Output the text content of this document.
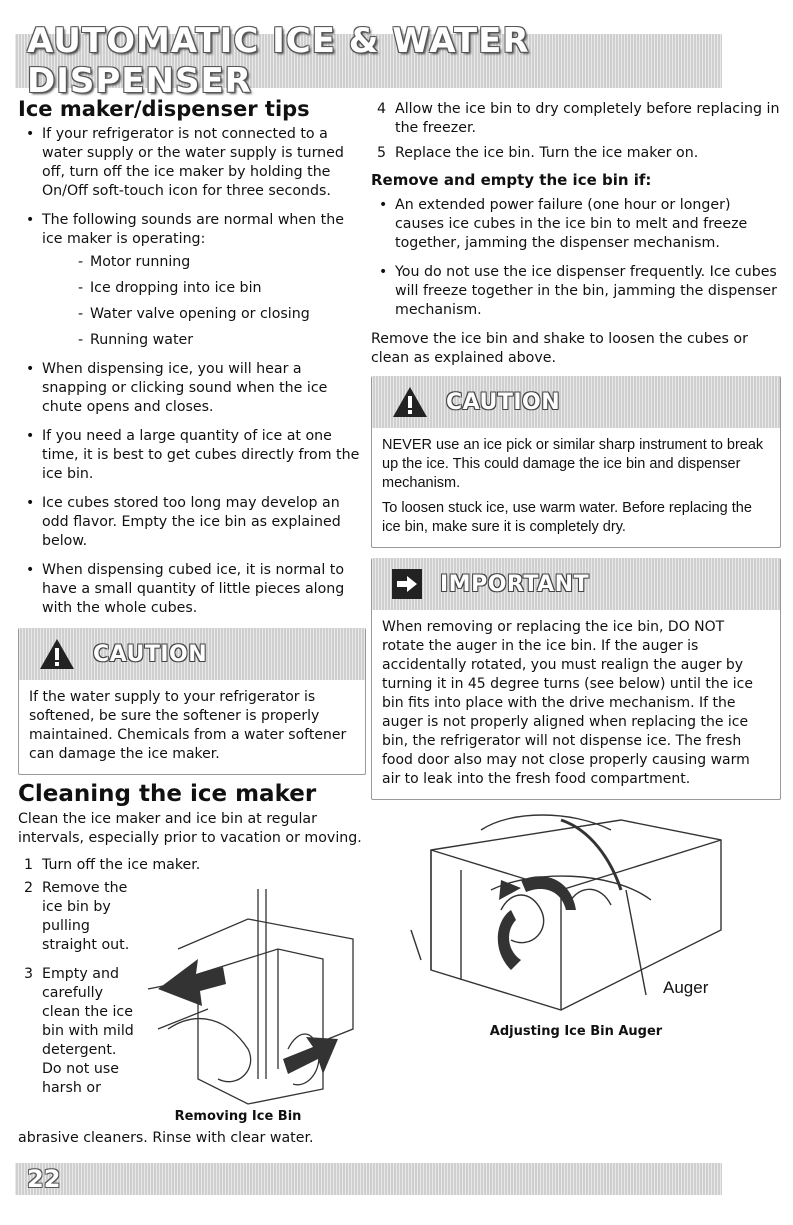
AUTOMATIC ICE & WATER DISPENSER
Ice maker/dispenser tips
• If your refrigerator is not connected to a water supply or the water supply is turned off, turn off the ice maker by holding the On/Off soft-touch icon for three seconds.
• The following sounds are normal when the ice maker is operating:
- Motor running
- Ice dropping into ice bin
- Water valve opening or closing
- Running water
• When dispensing ice, you will hear a snapping or clicking sound when the ice chute opens and closes.
• If you need a large quantity of ice at one time, it is best to get cubes directly from the ice bin.
• Ice cubes stored too long may develop an odd flavor. Empty the ice bin as explained below.
• When dispensing cubed ice, it is normal to have a small quantity of little pieces along with the whole cubes.
CAUTION

If the water supply to your refrigerator is softened, be sure the softener is properly maintained. Chemicals from a water softener can damage the ice maker.

Cleaning the ice maker

Clean the ice maker and ice bin at regular intervals, especially prior to vacation or moving.

1 Turn off the ice maker.
2 Remove the ice bin by pulling straight out.
3 Empty and carefully clean the ice bin with mild detergent. Do not use harsh or
Removing Ice Bin

abrasive cleaners. Rinse with clear water.

4 Allow the ice bin to dry completely before replacing in the freezer.
5 Replace the ice bin. Turn the ice maker on.
Remove and empty the ice bin if:
• An extended power failure (one hour or longer) causes ice cubes in the ice bin to melt and freeze together, jamming the dispenser mechanism.
• You do not use the ice dispenser frequently. Ice cubes will freeze together in the bin, jamming the dispenser mechanism.

Remove the ice bin and shake to loosen the cubes or clean as explained above.

CAUTION

NEVER use an ice pick or similar sharp instrument to break up the ice. This could damage the ice bin and dispenser mechanism.

To loosen stuck ice, use warm water. Before replacing the ice bin, make sure it is completely dry.

IMPORTANT

When removing or replacing the ice bin, DO NOT rotate the auger in the ice bin. If the auger is accidentally rotated, you must realign the auger by turning it in 45 degree turns (see below) until the ice bin fits into place with the drive mechanism. If the auger is not properly aligned when replacing the ice bin, the refrigerator will not dispense ice. The fresh food door also may not close properly causing warm air to leak into the fresh food compartment.

Auger
Adjusting Ice Bin Auger
22
